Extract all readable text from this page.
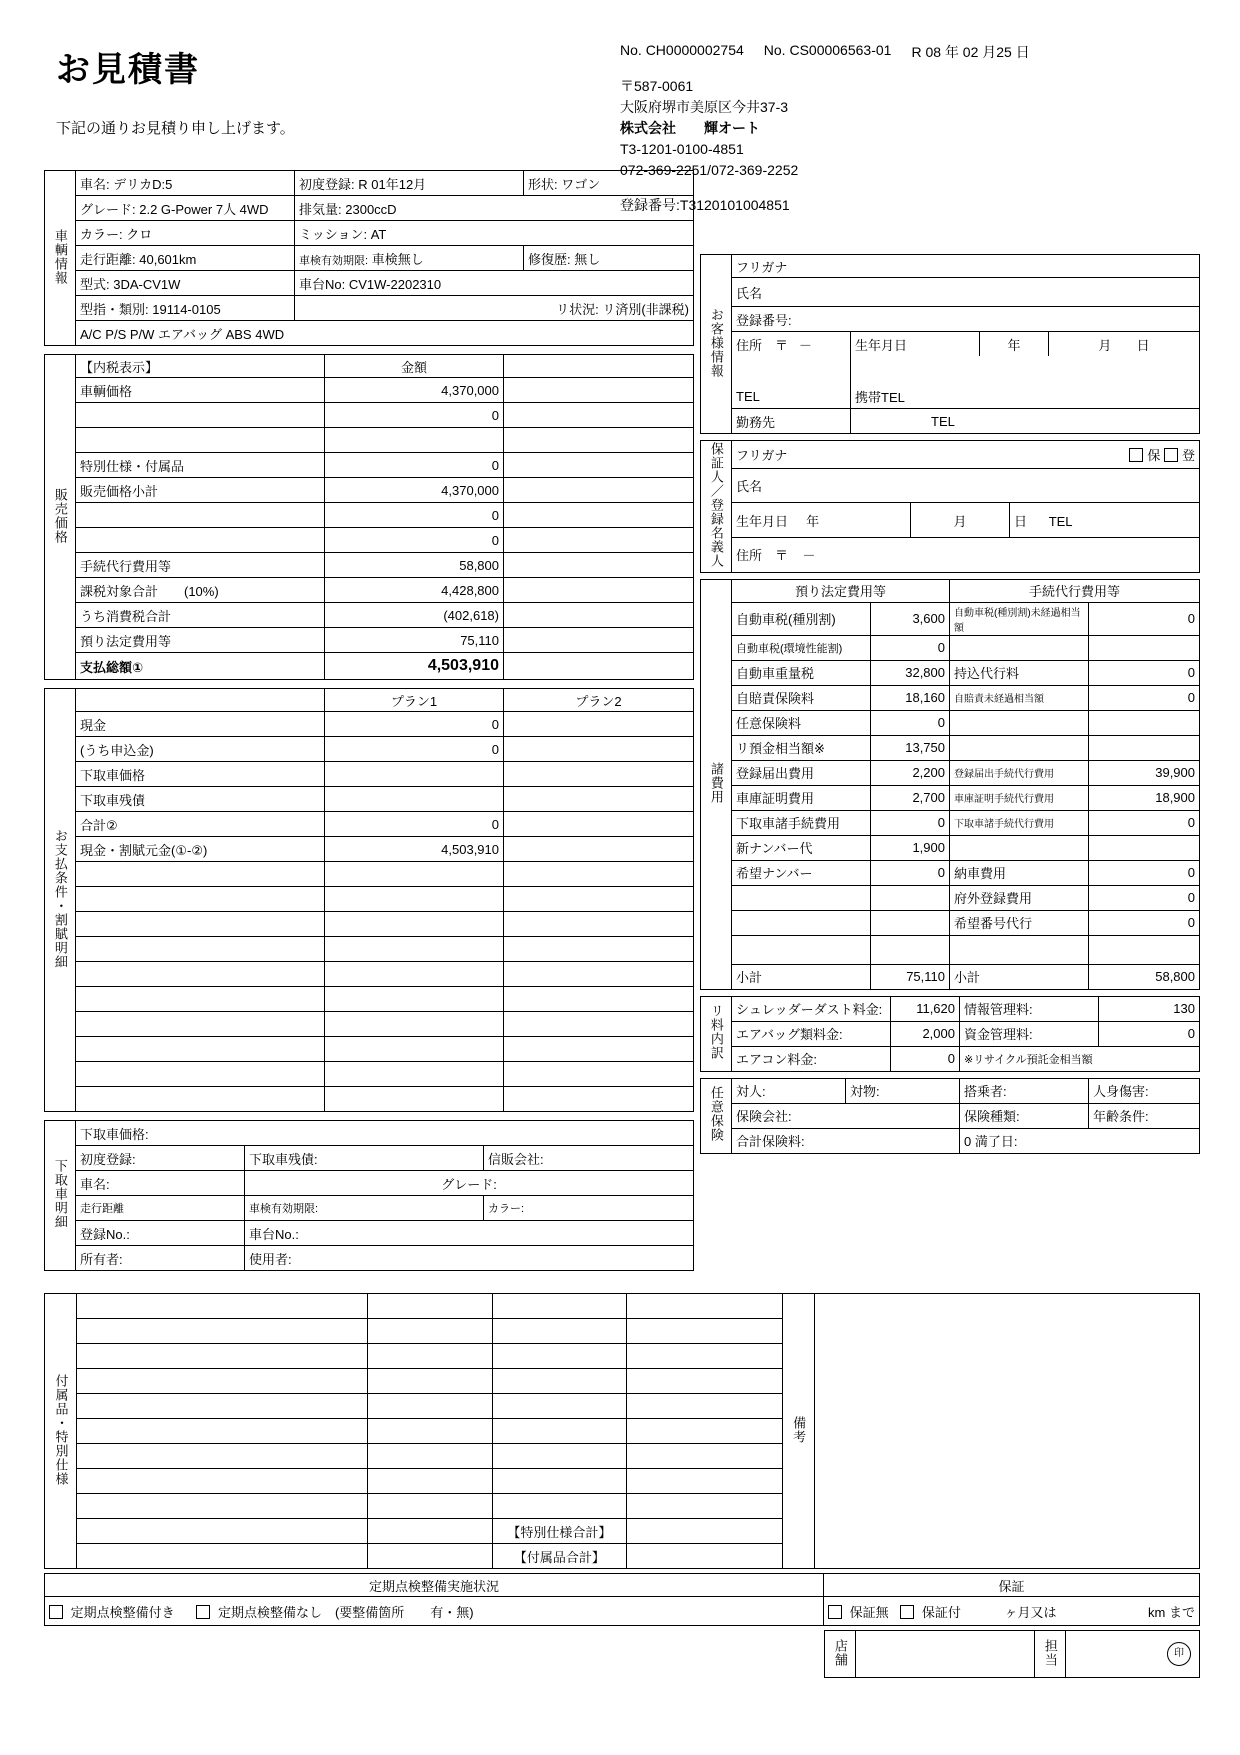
お見積書
下記の通りお見積り申し上げます。
No. CH0000002754 No. CS00006563-01 R 08 年 02 月25 日
〒587-0061
大阪府堺市美原区今井37-3
株式会社　　輝オート
T3-1201-0100-4851
072-369-2251/072-369-2252
登録番号:T3120101004851
車輌情報	車名: デリカD:5	初度登録: R 01年12月	形状: ワゴン
	グレード: 2.2 G-Power 7人 4WD	排気量: 2300ccD	
	カラー: クロ	ミッション: AT	
	走行距離: 40,601km	車検有効期限: 車検無し	修復歴: 無し
	型式: 3DA-CV1W	車台No: CV1W-2202310	
	型指・類別: 19114-0105	リ状況: リ済別(非課税)	
	A/C P/S P/W エアバッグ ABS 4WD		
販売価格	【内税表示】	金額	
	車輌価格	4,370,000	
		0	

	特別仕様・付属品	0	
	販売価格小計	4,370,000	
		0	
		0	
	手続代行費用等	58,800	
	課税対象合計　　(10%)	4,428,800	
	うち消費税合計	(402,618)	
	預り法定費用等	75,110	
	支払総額①	4,503,910	
お支払条件・割賦明細		プラン1	プラン2
	現金	0	
	(うち申込金)	0	
	下取車価格		
	下取車残債		
	合計②	0	
	現金・割賦元金(①-②)	4,503,910	

下取車明細	下取車価格:		
	初度登録:	下取車残債:	信販会社:
	車名:	グレード:	
	走行距離	車検有効期限:	カラー:
	登録No.:	車台No.:	
	所有者:	使用者:	
お客様情報	フリガナ			
	氏名			
	登録番号:			
	住所　〒 －	生年月日	年	月 日

	TEL	携帯TEL		
	勤務先	TEL		
保証人／登録名義人	フリガナ 保 登		

	氏名		
	生年月日 年	月	日 TEL
	住所　〒 －		
諸費用	預り法定費用等		手続代行費用等	
	自動車税(種別割)	3,600	自動車税(種別割)未経過相当額	0
	自動車税(環境性能割)	0		
	自動車重量税	32,800	持込代行料	0
	自賠責保険料	18,160	自賠責未経過相当額	0
	任意保険料	0		
	リ預金相当額※	13,750		
	登録届出費用	2,200	登録届出手続代行費用	39,900
	車庫証明費用	2,700	車庫証明手続代行費用	18,900
	下取車諸手続費用	0	下取車諸手続代行費用	0
	新ナンバー代	1,900		
	希望ナンバー	0	納車費用	0
			府外登録費用	0
			希望番号代行	0

	小計	75,110	小計	58,800
リ料内訳	シュレッダーダスト料金:	11,620	情報管理料:	130
	エアバッグ類料金:	2,000	資金管理料:	0
	エアコン料金:	0	※リサイクル預託金相当額	
任意保険	対人:	対物:	搭乗者:	人身傷害:
	保険会社:		保険種類:	年齢条件:
	合計保険料:		0 満了日:	
付属品・特別仕様					備考	

			【特別仕様合計】			
			【付属品合計】			
定期点検整備実施状況	保証
定期点検整備付き 定期点検整備なし　(要整備箇所　　有・無)	保証無 保証付 ヶ月又は km まで
店舗		担当	印
